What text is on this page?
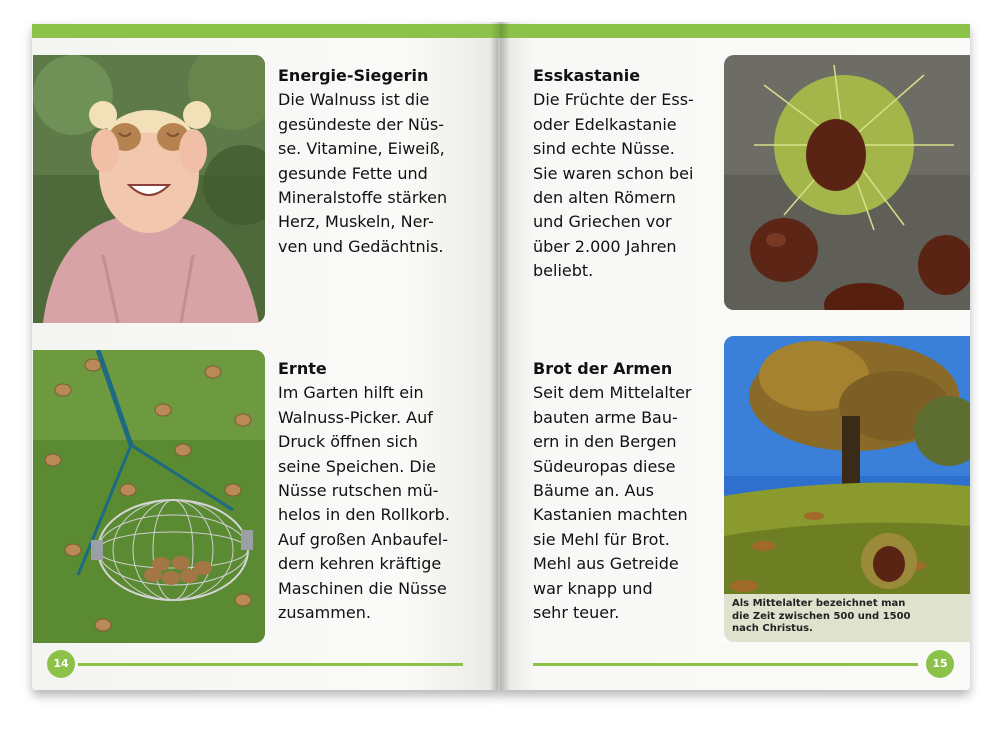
Energie-Siegerin
Die Walnuss ist die
gesündeste der Nüs-
se. Vitamine, Eiweiß,
gesunde Fette und
Mineralstoffe stärken
Herz, Muskeln, Ner-
ven und Gedächtnis.
Ernte
Im Garten hilft ein
Walnuss-Picker. Auf
Druck öffnen sich
seine Speichen. Die
Nüsse rutschen mü-
helos in den Rollkorb.
Auf großen Anbaufel-
dern kehren kräftige
Maschinen die Nüsse
zusammen.
Esskastanie
Die Früchte der Ess-
oder Edelkastanie
sind echte Nüsse.
Sie waren schon bei
den alten Römern
und Griechen vor
über 2.000 Jahren
beliebt.
Brot der Armen
Seit dem Mittelalter
bauten arme Bau-
ern in den Bergen
Südeuropas diese
Bäume an. Aus
Kastanien machten
sie Mehl für Brot.
Mehl aus Getreide
war knapp und
sehr teuer.	Als Mittelalter bezeichnet man
die Zeit zwischen 500 und 1500
nach Christus.
14	15
